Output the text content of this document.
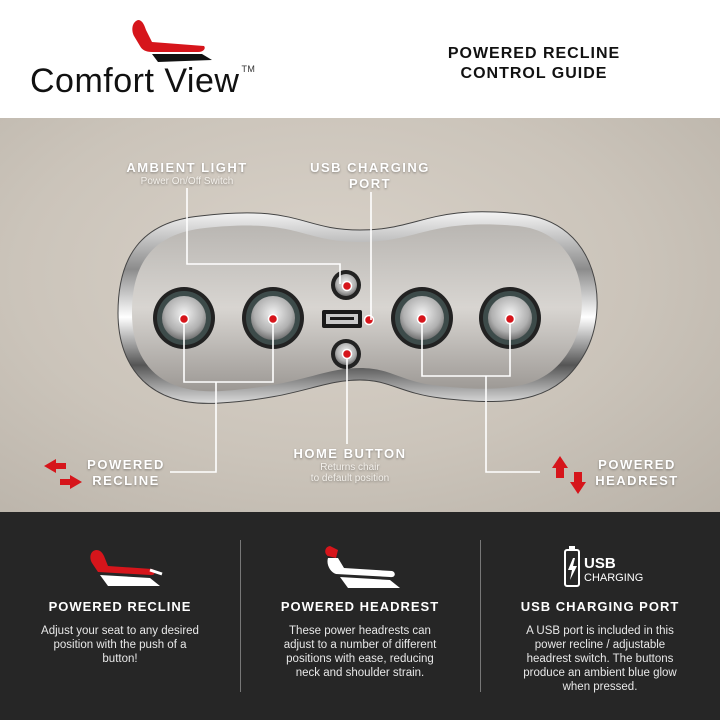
Comfort View ™
POWERED RECLINE
CONTROL GUIDE
AMBIENT LIGHT
Power On/Off Switch
USB CHARGING
PORT
HOME BUTTON
Returns chair
to default position
POWERED
RECLINE
POWERED
HEADREST
POWERED RECLINE
Adjust your seat to any desired position with the push of a button!
POWERED HEADREST
These power headrests can adjust to a number of different positions with ease, reducing neck and shoulder strain.
USB
CHARGING
USB CHARGING PORT
A USB port is included in this power recline / adjustable headrest switch. The buttons produce an ambient blue glow when pressed.
